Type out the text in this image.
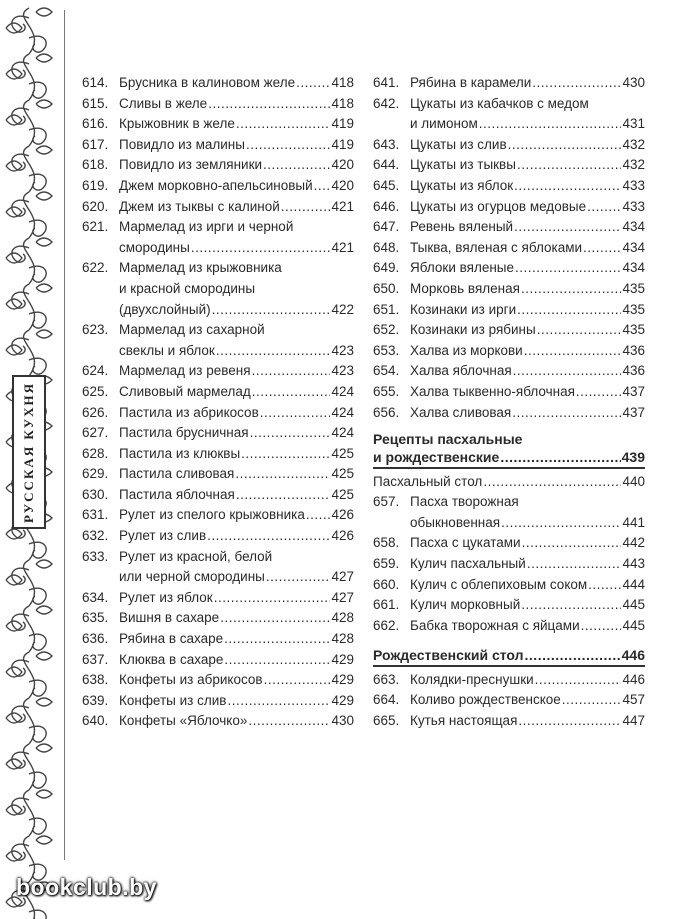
РУССКАЯ КУХНЯ
614. Брусника в калиновом желе .....	418
615. Сливы в желе .....	418
616. Крыжовник в желе .....	419
617. Повидло из малины .....	419
618. Повидло из земляники .....	420
619. Джем морковно-апельсиновый ..... 420
620. Джем из тыквы с калиной .....	421
621. Мармелад из ирги и черной
смородины .....	421
622. Мармелад из крыжовника
и красной смородины
(двухслойный) .....	422
623. Мармелад из сахарной
свеклы и яблок .....	423
624. Мармелад из ревеня .....	423
625. Сливовый мармелад .....	424
626. Пастила из абрикосов .....	424
627. Пастила брусничная .....	424
628. Пастила из клюквы .....	425
629. Пастила сливовая .....	425
630. Пастила яблочная .....	425
631. Рулет из спелого крыжовника ..... 426
632. Рулет из слив .....	426
633. Рулет из красной, белой
или черной смородины .....	427
634. Рулет из яблок .....	427
635. Вишня в сахаре .....	428
636. Рябина в сахаре .....	428
637. Клюква в сахаре .....	429
638. Конфеты из абрикосов .....	429
639. Конфеты из слив .....	429
640. Конфеты «Яблочко» .....	430
641. Рябина в карамели .....	430
642. Цукаты из кабачков с медом
и лимоном .....	431
643. Цукаты из слив .....	432
644. Цукаты из тыквы .....	432
645. Цукаты из яблок .....	433
646. Цукаты из огурцов медовые .....	433
647. Ревень вяленый .....	434
648. Тыква, вяленая с яблоками .....	434
649. Яблоки вяленые .....	434
650. Морковь вяленая .....	435
651. Козинаки из ирги .....	435
652. Козинаки из рябины .....	435
653. Халва из моркови .....	436
654. Халва яблочная .....	436
655. Халва тыквенно-яблочная .....	437
656. Халва сливовая .....	437
Рецепты пасхальные
и рождественские .....	439
Пасхальный стол .....	440
657. Пасха творожная
обыкновенная .....	441
658. Пасха с цукатами .....	442
659. Кулич пасхальный .....	443
660. Кулич с облепиховым соком .....	444
661. Кулич морковный .....	445
662. Бабка творожная с яйцами .....	445
Рождественский стол .....	446
663. Колядки-преснушки .....	446
664. Коливо рождественское .....	457
665. Кутья настоящая .....	447
bookclub.by
